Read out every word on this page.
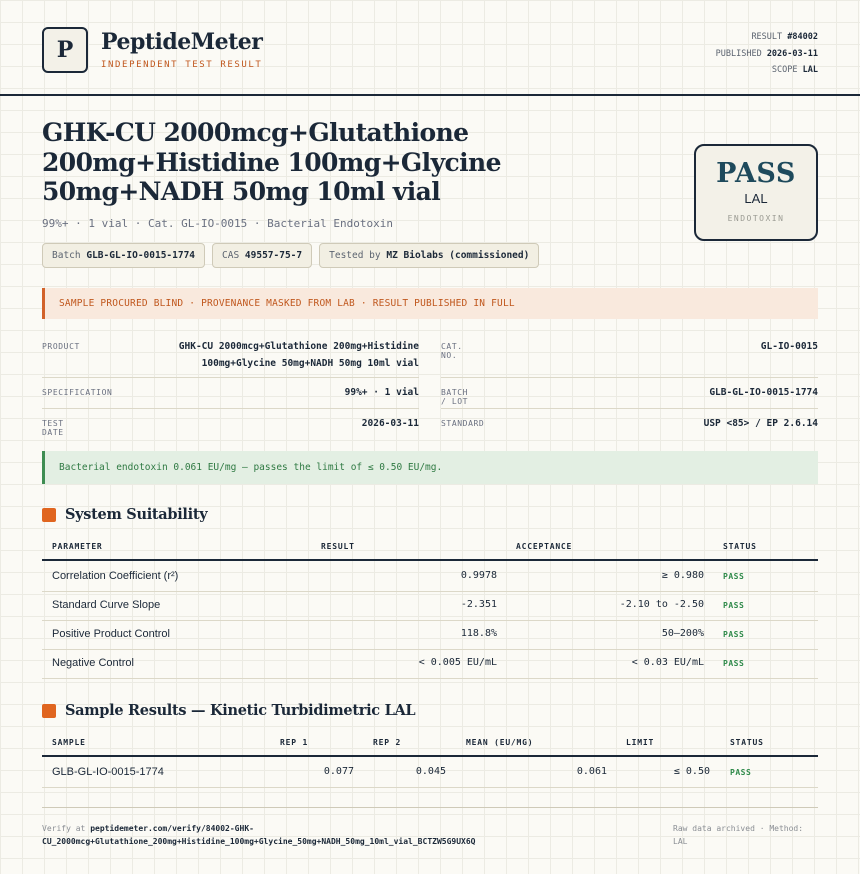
P	PeptideMeter
INDEPENDENT TEST RESULT
RESULT #84002
PUBLISHED 2026-03-11
SCOPE LAL
GHK-CU 2000mcg+Glutathione 200mg+Histidine 100mg+Glycine 50mg+NADH 50mg 10ml vial
99%+ · 1 vial · Cat. GL-IO-0015 · Bacterial Endotoxin
Batch GLB-GL-IO-0015-1774	CAS 49557-75-7	Tested by MZ Biolabs (commissioned)
PASS
LAL
ENDOTOXIN
SAMPLE PROCURED BLIND · PROVENANCE MASKED FROM LAB · RESULT PUBLISHED IN FULL
PRODUCT	GHK-CU 2000mcg+Glutathione 200mg+Histidine
100mg+Glycine 50mg+NADH 50mg 10ml vial
CAT. NO.
GL-IO-0015
SPECIFICATION	99%+ · 1 vial	BATCH / LOT
GLB-GL-IO-0015-1774
TEST DATE
2026-03-11	STANDARD	USP <85> / EP 2.6.14
Bacterial endotoxin 0.061 EU/mg — passes the limit of ≤ 0.50 EU/mg.
System Suitability
PARAMETER	RESULT	ACCEPTANCE	STATUS
Correlation Coefficient (r²)	0.9978	≥ 0.980 PASS
Standard Curve Slope	-2.351	-2.10 to -2.50 PASS
Positive Product Control	118.8%	50–200% PASS
Negative Control	< 0.005 EU/mL	< 0.03 EU/mL PASS
Sample Results — Kinetic Turbidimetric LAL
SAMPLE	REP 1	REP 2	MEAN (EU/MG)	LIMIT	STATUS
GLB-GL-IO-0015-1774	0.077	0.045	0.061	≤ 0.50	PASS
Verify at peptidemeter.com/verify/84002-GHK-
CU_2000mcg+Glutathione_200mg+Histidine_100mg+Glycine_50mg+NADH_50mg_10ml_vial_BCTZW5G9UX6Q
Raw data archived · Method:
LAL
